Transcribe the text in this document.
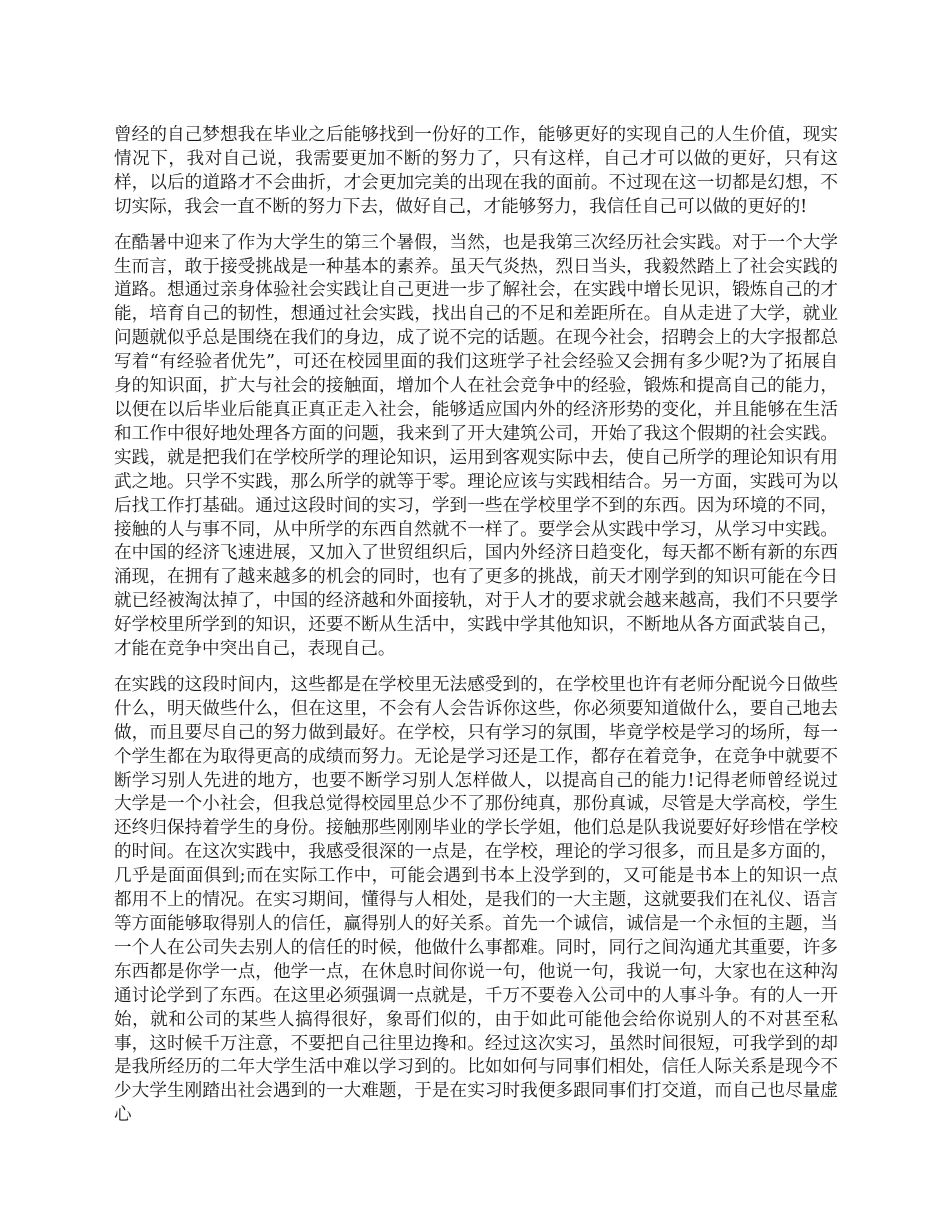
曾经的自己梦想我在毕业之后能够找到一份好的工作，能够更好的实现自己的人生价值，现实情况下，我对自己说，我需要更加不断的努力了，只有这样，自己才可以做的更好，只有这样，以后的道路才不会曲折，才会更加完美的出现在我的面前。不过现在这一切都是幻想，不切实际，我会一直不断的努力下去，做好自己，才能够努力，我信任自己可以做的更好的!

在酷暑中迎来了作为大学生的第三个暑假，当然，也是我第三次经历社会实践。对于一个大学生而言，敢于接受挑战是一种基本的素养。虽天气炎热，烈日当头，我毅然踏上了社会实践的道路。想通过亲身体验社会实践让自己更进一步了解社会，在实践中增长见识，锻炼自己的才能，培育自己的韧性，想通过社会实践，找出自己的不足和差距所在。自从走进了大学，就业问题就似乎总是围绕在我们的身边，成了说不完的话题。在现今社会，招聘会上的大字报都总写着“有经验者优先”，可还在校园里面的我们这班学子社会经验又会拥有多少呢?为了拓展自身的知识面，扩大与社会的接触面，增加个人在社会竞争中的经验，锻炼和提高自己的能力，以便在以后毕业后能真正真正走入社会，能够适应国内外的经济形势的变化，并且能够在生活和工作中很好地处理各方面的问题，我来到了开大建筑公司，开始了我这个假期的社会实践。实践，就是把我们在学校所学的理论知识，运用到客观实际中去，使自己所学的理论知识有用武之地。只学不实践，那么所学的就等于零。理论应该与实践相结合。另一方面，实践可为以后找工作打基础。通过这段时间的实习，学到一些在学校里学不到的东西。因为环境的不同，接触的人与事不同，从中所学的东西自然就不一样了。要学会从实践中学习，从学习中实践。在中国的经济飞速进展，又加入了世贸组织后，国内外经济日趋变化，每天都不断有新的东西涌现，在拥有了越来越多的机会的同时，也有了更多的挑战，前天才刚学到的知识可能在今日就已经被淘汰掉了，中国的经济越和外面接轨，对于人才的要求就会越来越高，我们不只要学好学校里所学到的知识，还要不断从生活中，实践中学其他知识，不断地从各方面武装自己，才能在竞争中突出自己，表现自己。

在实践的这段时间内，这些都是在学校里无法感受到的，在学校里也许有老师分配说今日做些什么，明天做些什么，但在这里，不会有人会告诉你这些，你必须要知道做什么，要自己地去做，而且要尽自己的努力做到最好。在学校，只有学习的氛围，毕竟学校是学习的场所，每一个学生都在为取得更高的成绩而努力。无论是学习还是工作，都存在着竞争，在竞争中就要不断学习别人先进的地方，也要不断学习别人怎样做人，以提高自己的能力!记得老师曾经说过大学是一个小社会，但我总觉得校园里总少不了那份纯真，那份真诚，尽管是大学高校，学生还终归保持着学生的身份。接触那些刚刚毕业的学长学姐，他们总是队我说要好好珍惜在学校的时间。在这次实践中，我感受很深的一点是，在学校，理论的学习很多，而且是多方面的，几乎是面面俱到;而在实际工作中，可能会遇到书本上没学到的，又可能是书本上的知识一点都用不上的情况。在实习期间，懂得与人相处，是我们的一大主题，这就要我们在礼仪、语言等方面能够取得别人的信任，赢得别人的好关系。首先一个诚信，诚信是一个永恒的主题，当一个人在公司失去别人的信任的时候，他做什么事都难。同时，同行之间沟通尤其重要，许多东西都是你学一点，他学一点，在休息时间你说一句，他说一句，我说一句，大家也在这种沟通讨论学到了东西。在这里必须强调一点就是，千万不要卷入公司中的人事斗争。有的人一开始，就和公司的某些人搞得很好，象哥们似的，由于如此可能他会给你说别人的不对甚至私事，这时候千万注意，不要把自己往里边搀和。经过这次实习，虽然时间很短，可我学到的却是我所经历的二年大学生活中难以学习到的。比如如何与同事们相处，信任人际关系是现今不少大学生刚踏出社会遇到的一大难题，于是在实习时我便多跟同事们打交道，而自己也尽量虚心
